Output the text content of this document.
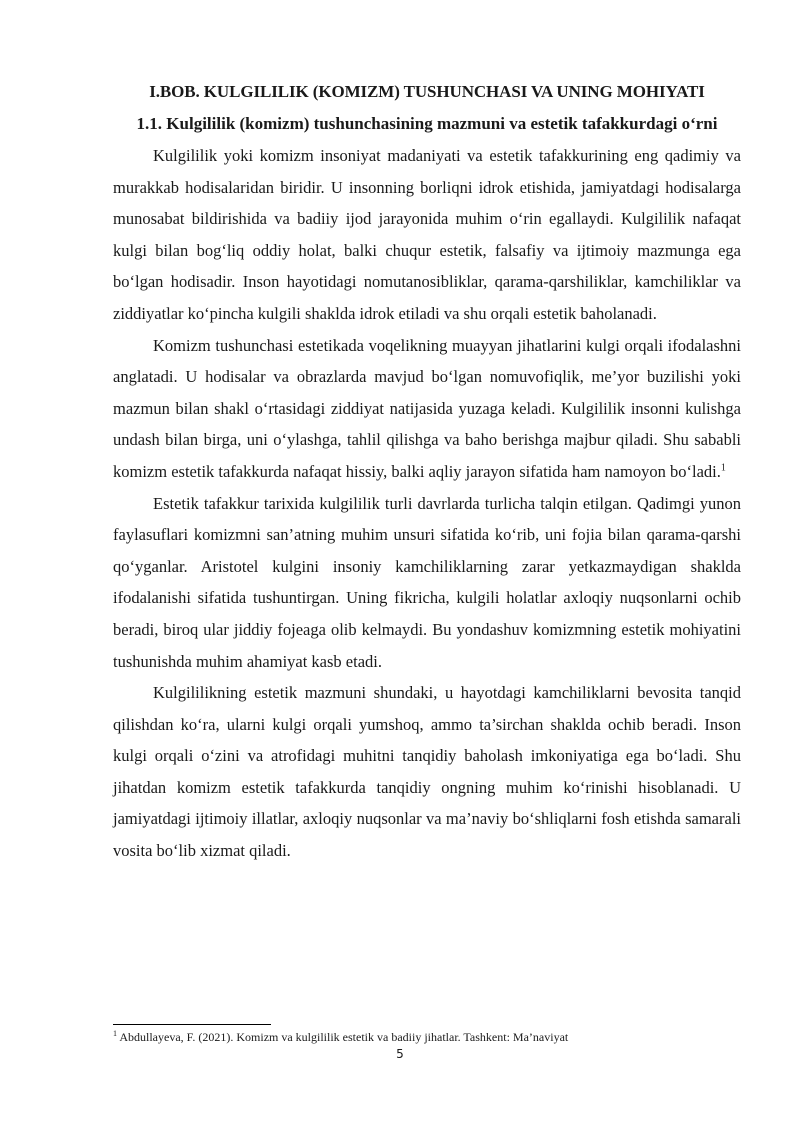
I.BOB. KULGILILIK (KOMIZM) TUSHUNCHASI VA UNING MOHIYATI
1.1. Kulgililik (komizm) tushunchasining mazmuni va estetik tafakkurdagi o‘rni

Kulgililik yoki komizm insoniyat madaniyati va estetik tafakkurining eng qadimiy va murakkab hodisalaridan biridir. U insonning borliqni idrok etishida, jamiyatdagi hodisalarga munosabat bildirishida va badiiy ijod jarayonida muhim o‘rin egallaydi. Kulgililik nafaqat kulgi bilan bog‘liq oddiy holat, balki chuqur estetik, falsafiy va ijtimoiy mazmunga ega bo‘lgan hodisadir. Inson hayotidagi nomutanosibliklar, qarama-qarshiliklar, kamchiliklar va ziddiyatlar ko‘pincha kulgili shaklda idrok etiladi va shu orqali estetik baholanadi.

Komizm tushunchasi estetikada voqelikning muayyan jihatlarini kulgi orqali ifodalashni anglatadi. U hodisalar va obrazlarda mavjud bo‘lgan nomuvofiqlik, me’yor buzilishi yoki mazmun bilan shakl o‘rtasidagi ziddiyat natijasida yuzaga keladi. Kulgililik insonni kulishga undash bilan birga, uni o‘ylashga, tahlil qilishga va baho berishga majbur qiladi. Shu sababli komizm estetik tafakkurda nafaqat hissiy, balki aqliy jarayon sifatida ham namoyon bo‘ladi.$^1$

Estetik tafakkur tarixida kulgililik turli davrlarda turlicha talqin etilgan. Qadimgi yunon faylasuflari komizmni san’atning muhim unsuri sifatida ko‘rib, uni fojia bilan qarama-qarshi qo‘yganlar. Aristotel kulgini insoniy kamchiliklarning zarar yetkazmaydigan shaklda ifodalanishi sifatida tushuntirgan. Uning fikricha, kulgili holatlar axloqiy nuqsonlarni ochib beradi, biroq ular jiddiy fojeaga olib kelmaydi. Bu yondashuv komizmning estetik mohiyatini tushunishda muhim ahamiyat kasb etadi.

Kulgililikning estetik mazmuni shundaki, u hayotdagi kamchiliklarni bevosita tanqid qilishdan ko‘ra, ularni kulgi orqali yumshoq, ammo ta’sirchan shaklda ochib beradi. Inson kulgi orqali o‘zini va atrofidagi muhitni tanqidiy baholash imkoniyatiga ega bo‘ladi. Shu jihatdan komizm estetik tafakkurda tanqidiy ongning muhim ko‘rinishi hisoblanadi. U jamiyatdagi ijtimoiy illatlar, axloqiy nuqsonlar va ma’naviy bo‘shliqlarni fosh etishda samarali vosita bo‘lib xizmat qiladi.

$^1$ Abdullayeva, F. (2021). Komizm va kulgililik estetik va badiiy jihatlar. Tashkent: Ma’naviyat
5
